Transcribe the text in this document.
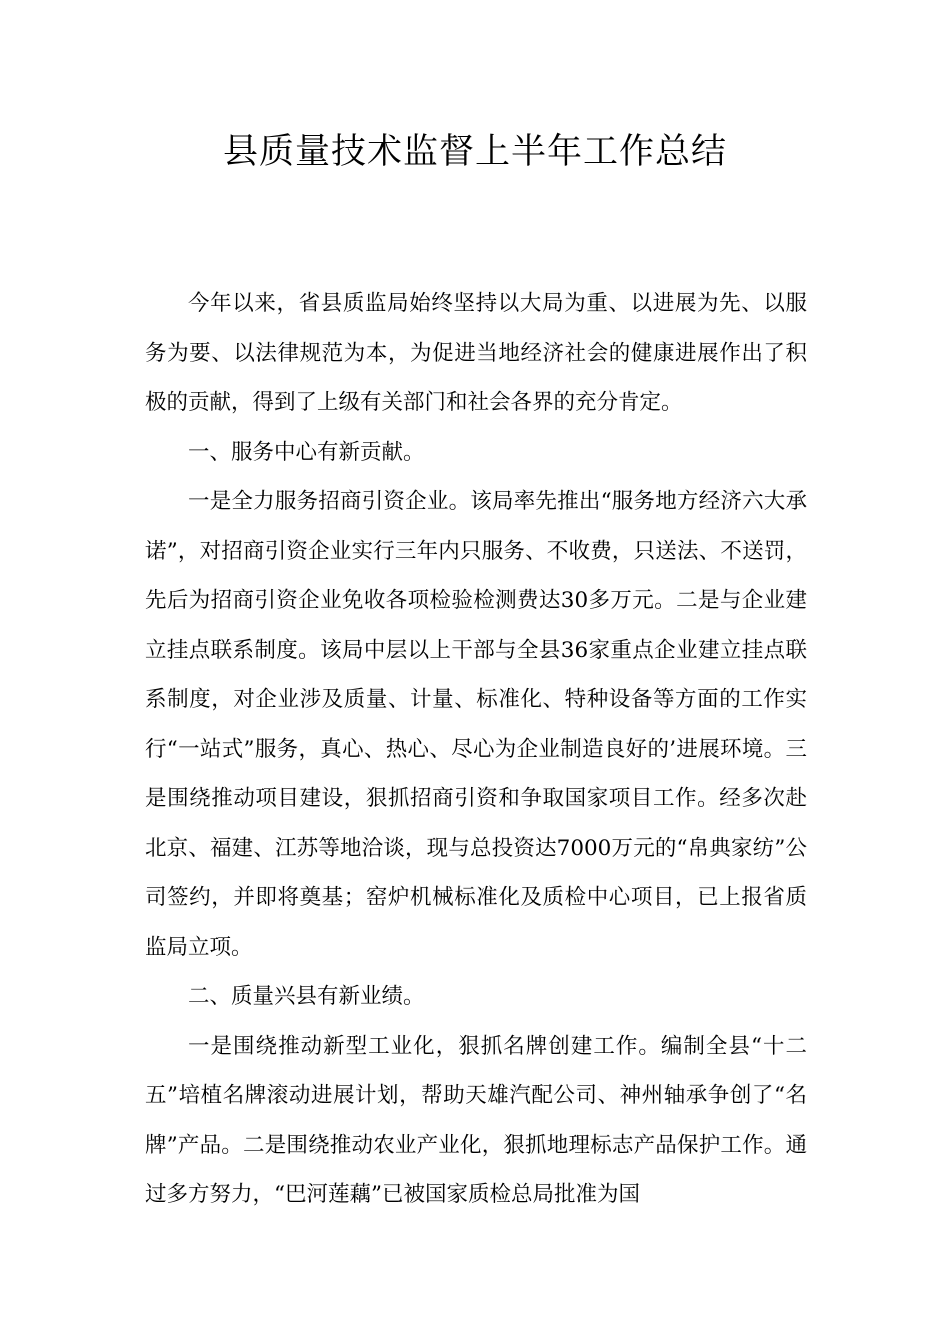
县质量技术监督上半年工作总结

今年以来，省县质监局始终坚持以大局为重、以进展为先、以服务为要、以法律规范为本，为促进当地经济社会的健康进展作出了积极的贡献，得到了上级有关部门和社会各界的充分肯定。

一、服务中心有新贡献。

一是全力服务招商引资企业。该局率先推出“服务地方经济六大承诺”，对招商引资企业实行三年内只服务、不收费，只送法、不送罚，先后为招商引资企业免收各项检验检测费达30多万元。二是与企业建立挂点联系制度。该局中层以上干部与全县36家重点企业建立挂点联系制度，对企业涉及质量、计量、标准化、特种设备等方面的工作实行“一站式”服务，真心、热心、尽心为企业制造良好的’进展环境。三是围绕推动项目建设，狠抓招商引资和争取国家项目工作。经多次赴北京、福建、江苏等地洽谈，现与总投资达7000万元的“帛典家纺”公司签约，并即将奠基；窑炉机械标准化及质检中心项目，已上报省质监局立项。

二、质量兴县有新业绩。

一是围绕推动新型工业化，狠抓名牌创建工作。编制全县“十二五”培植名牌滚动进展计划，帮助天雄汽配公司、神州轴承争创了“名牌”产品。二是围绕推动农业产业化，狠抓地理标志产品保护工作。通过多方努力，“巴河莲藕”已被国家质检总局批准为国
